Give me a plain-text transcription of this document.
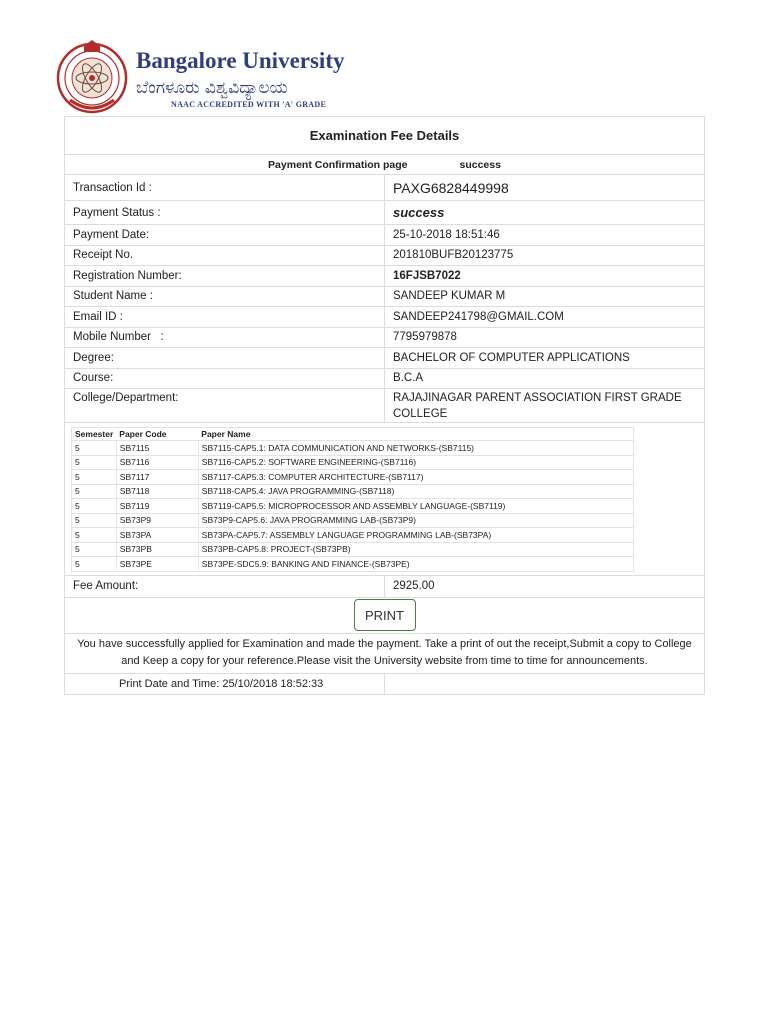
Bangalore University
ಬೆಂಗಳೂರು ವಿಶ್ವವಿದ್ಯಾಲಯ
NAAC ACCREDITED WITH 'A' GRADE
Examination Fee Details
Payment Confirmation page	success
Transaction Id :	PAXG6828449998
Payment Status :	success
Payment Date:	25-10-2018 18:51:46
Receipt No.	201810BUFB20123775
Registration Number:	16FJSB7022
Student Name :	SANDEEP KUMAR M
Email ID :	SANDEEP241798@GMAIL.COM
Mobile Number   :	7795979878
Degree:	BACHELOR OF COMPUTER APPLICATIONS
Course:	B.C.A
College/Department:	RAJAJINAGAR PARENT ASSOCIATION FIRST GRADE COLLEGE
Semester	Paper Code	Paper Name
5	SB7115	SB7115-CAP5.1: DATA COMMUNICATION AND NETWORKS-(SB7115)
5	SB7116	SB7116-CAP5.2: SOFTWARE ENGINEERING-(SB7116)
5	SB7117	SB7117-CAP5.3: COMPUTER ARCHITECTURE-(SB7117)
5	SB7118	SB7118-CAP5.4: JAVA PROGRAMMING-(SB7118)
5	SB7119	SB7119-CAP5.5: MICROPROCESSOR AND ASSEMBLY LANGUAGE-(SB7119)
5	SB73P9	SB73P9-CAP5.6: JAVA PROGRAMMING LAB-(SB73P9)
5	SB73PA	SB73PA-CAP5.7: ASSEMBLY LANGUAGE PROGRAMMING LAB-(SB73PA)
5	SB73PB	SB73PB-CAP5.8: PROJECT-(SB73PB)
5	SB73PE	SB73PE-SDC5.9: BANKING AND FINANCE-(SB73PE)
Fee Amount:	2925.00
PRINT
You have successfully applied for Examination and made the payment. Take a print of out the receipt,Submit a copy to College and Keep a copy for your reference.Please visit the University website from time to time for announcements.
Print Date and Time: 25/10/2018 18:52:33
